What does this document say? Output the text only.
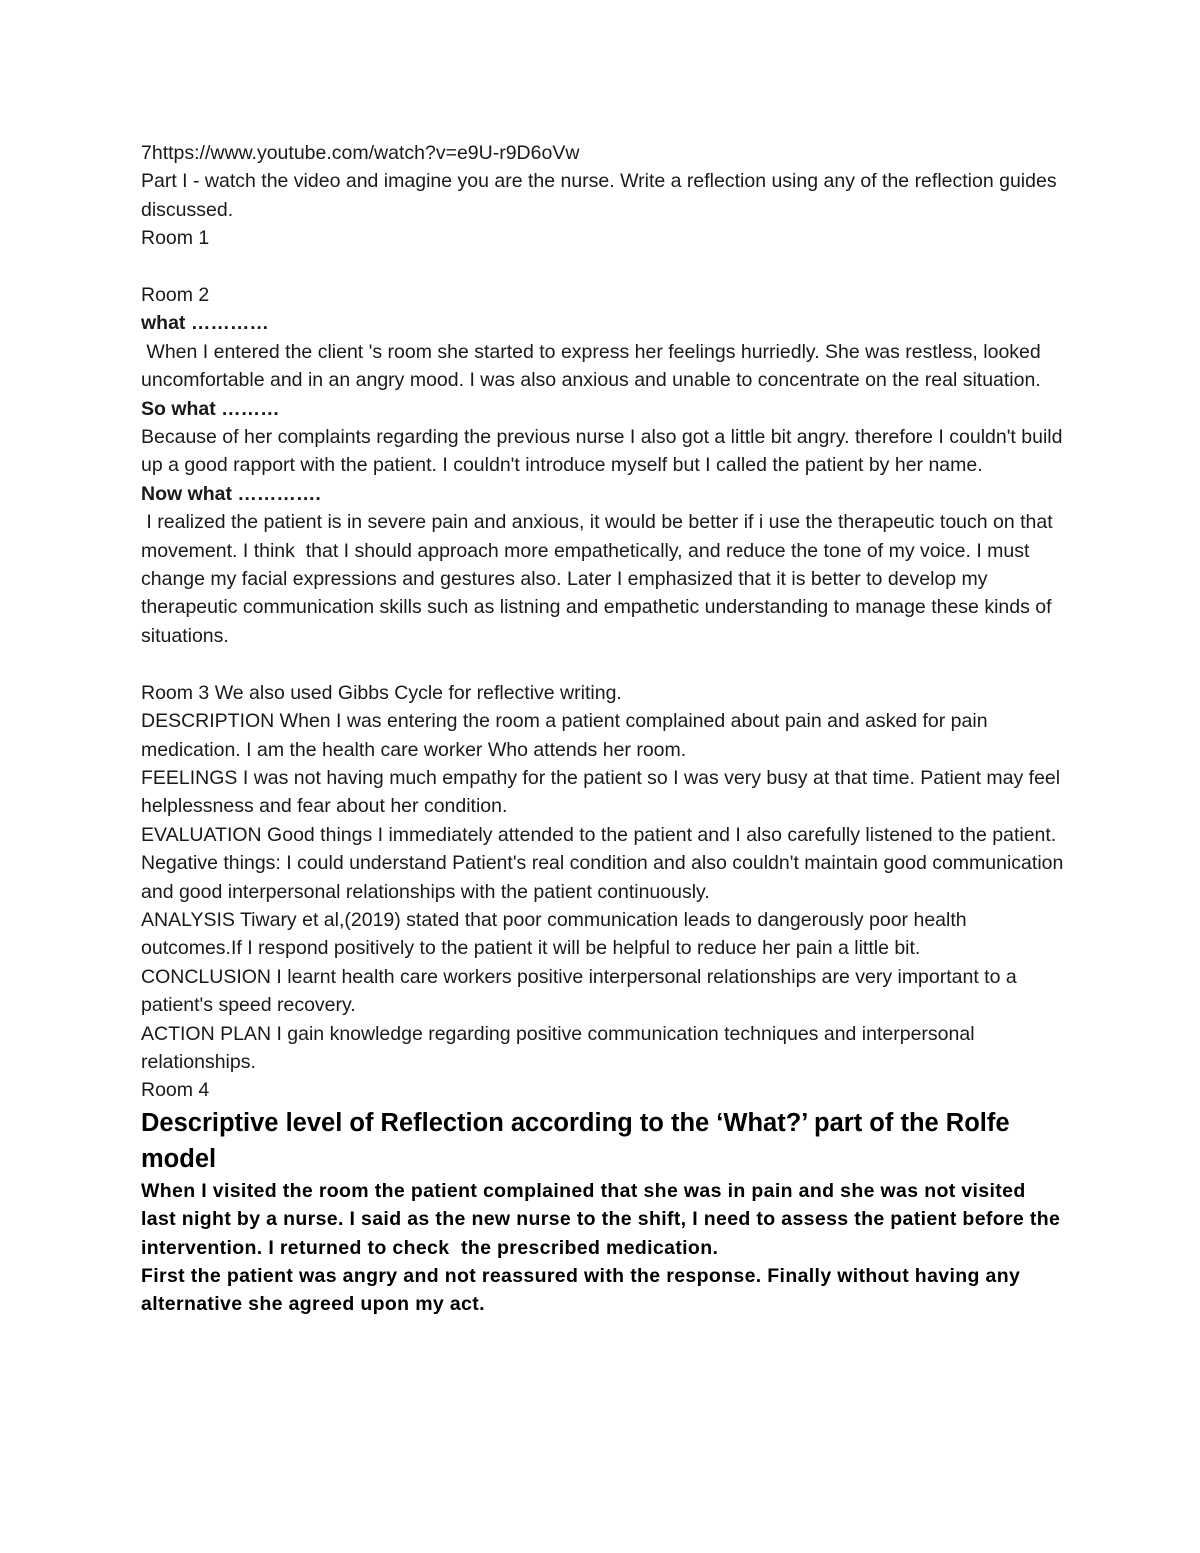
7https://www.youtube.com/watch?v=e9U-r9D6oVw

Part I - watch the video and imagine you are the nurse. Write a reflection using any of the reflection guides discussed.

Room 1

Room 2

what …………

When I entered the client 's room she started to express her feelings hurriedly. She was restless, looked uncomfortable and in an angry mood. I was also anxious and unable to concentrate on the real situation.

So what ………

Because of her complaints regarding the previous nurse I also got a little bit angry. therefore I couldn't build up a good rapport with the patient. I couldn't introduce myself but I called the patient by her name.

Now what ………….

I realized the patient is in severe pain and anxious, it would be better if i use the therapeutic touch on that movement. I think  that I should approach more empathetically, and reduce the tone of my voice. I must change my facial expressions and gestures also. Later I emphasized that it is better to develop my therapeutic communication skills such as listning and empathetic understanding to manage these kinds of situations.

Room 3 We also used Gibbs Cycle for reflective writing.

DESCRIPTION When I was entering the room a patient complained about pain and asked for pain medication. I am the health care worker Who attends her room.

FEELINGS I was not having much empathy for the patient so I was very busy at that time. Patient may feel helplessness and fear about her condition.

EVALUATION Good things I immediately attended to the patient and I also carefully listened to the patient.  Negative things: I could understand Patient's real condition and also couldn't maintain good communication and good interpersonal relationships with the patient continuously.

ANALYSIS Tiwary et al,(2019) stated that poor communication leads to dangerously poor health outcomes.If I respond positively to the patient it will be helpful to reduce her pain a little bit.

CONCLUSION I learnt health care workers positive interpersonal relationships are very important to a patient's speed recovery.

ACTION PLAN I gain knowledge regarding positive communication techniques and interpersonal relationships.

Room 4

Descriptive level of Reflection according to the ‘What?’ part of the Rolfe model

When I visited the room the patient complained that she was in pain and she was not visited last night by a nurse. I said as the new nurse to the shift, I need to assess the patient before the intervention. I returned to check  the prescribed medication.

First the patient was angry and not reassured with the response. Finally without having any alternative she agreed upon my act.
